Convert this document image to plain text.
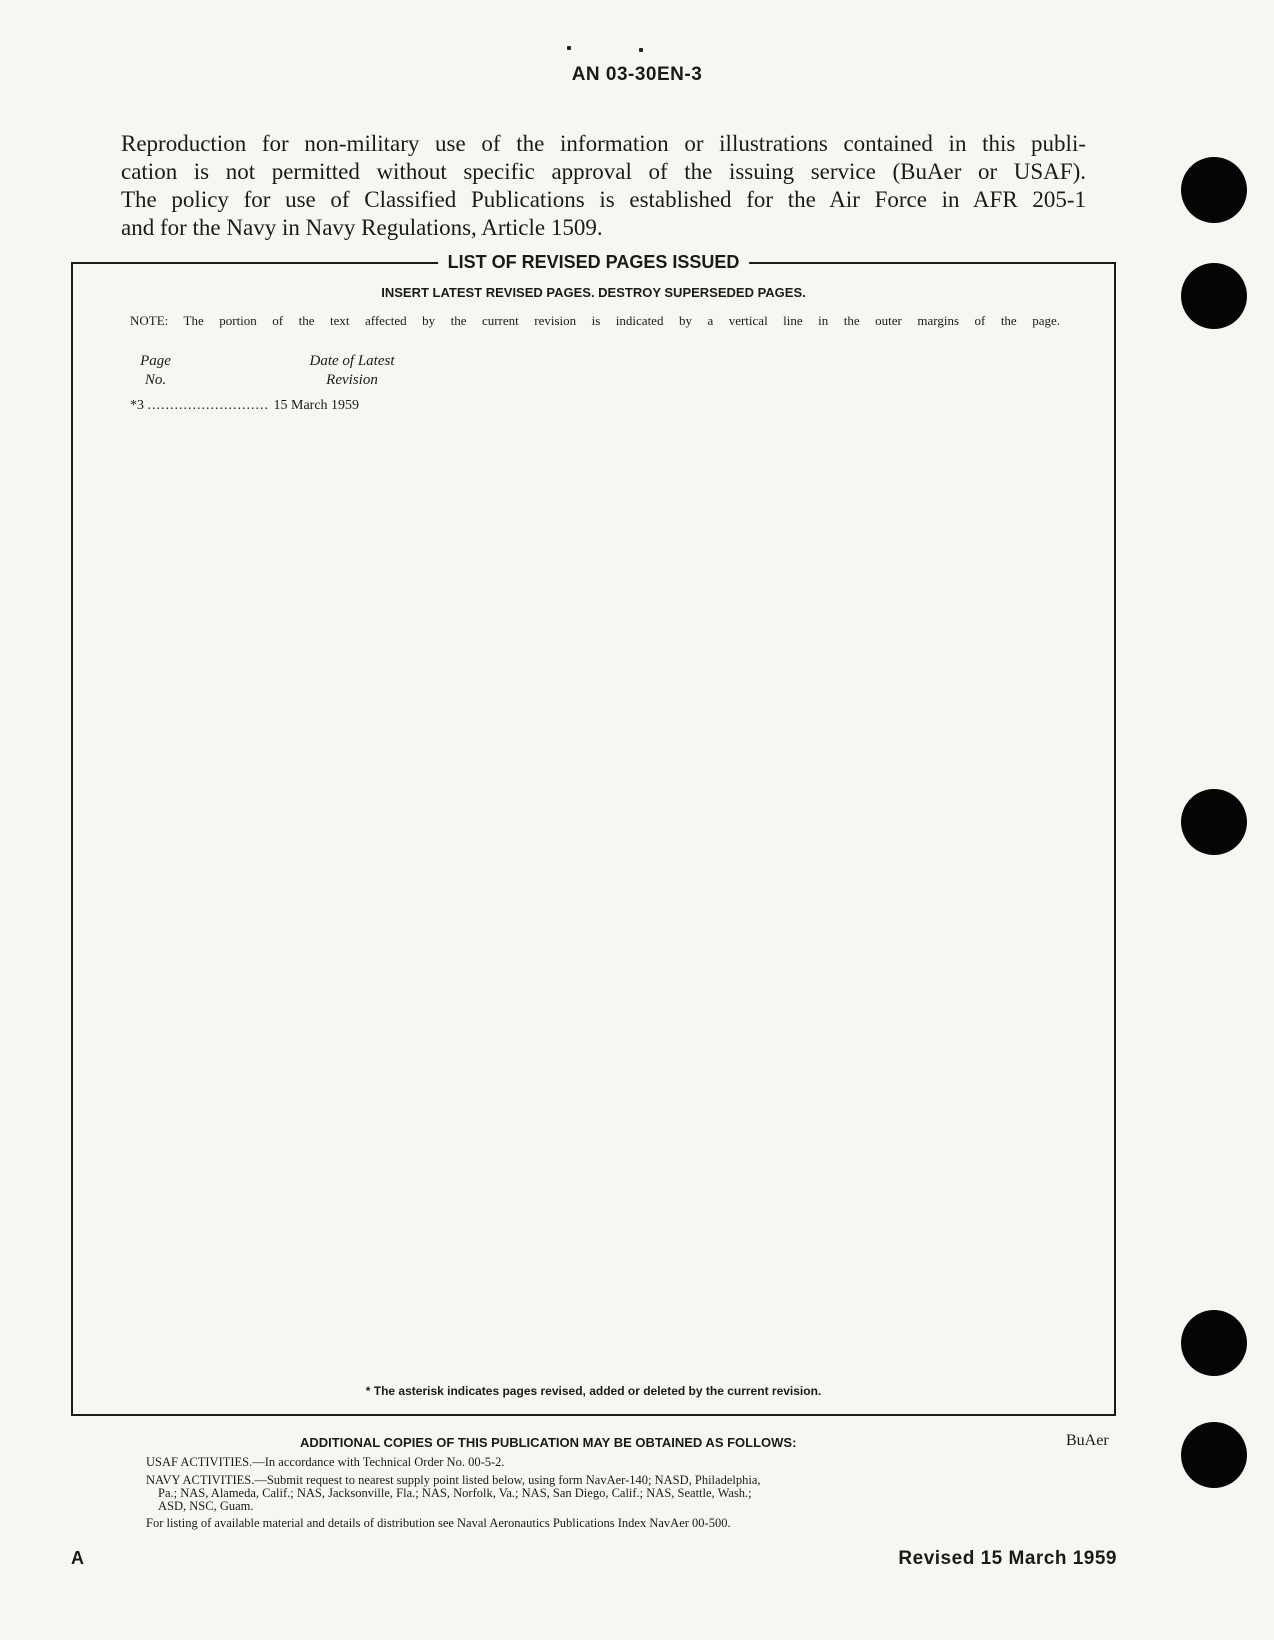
AN 03-30EN-3

Reproduction for non-military use of the information or illustrations contained in this publi-
cation is not permitted without specific approval of the issuing service (BuAer or USAF).
The policy for use of Classified Publications is established for the Air Force in AFR 205-1
and for the Navy in Navy Regulations, Article 1509.

LIST OF REVISED PAGES ISSUED
INSERT LATEST REVISED PAGES. DESTROY SUPERSEDED PAGES.
NOTE: The portion of the text affected by the current revision is indicated by a vertical line in the outer margins of the page.
Page
No.
Date of Latest
Revision
*3 ........................... 15 March 1959
* The asterisk indicates pages revised, added or deleted by the current revision.
ADDITIONAL COPIES OF THIS PUBLICATION MAY BE OBTAINED AS FOLLOWS:	BuAer
USAF ACTIVITIES.—In accordance with Technical Order No. 00-5-2.
NAVY ACTIVITIES.—Submit request to nearest supply point listed below, using form NavAer-140; NASD, Philadelphia,
Pa.; NAS, Alameda, Calif.; NAS, Jacksonville, Fla.; NAS, Norfolk, Va.; NAS, San Diego, Calif.; NAS, Seattle, Wash.;
ASD, NSC, Guam.
For listing of available material and details of distribution see Naval Aeronautics Publications Index NavAer 00-500.
A	Revised 15 March 1959
